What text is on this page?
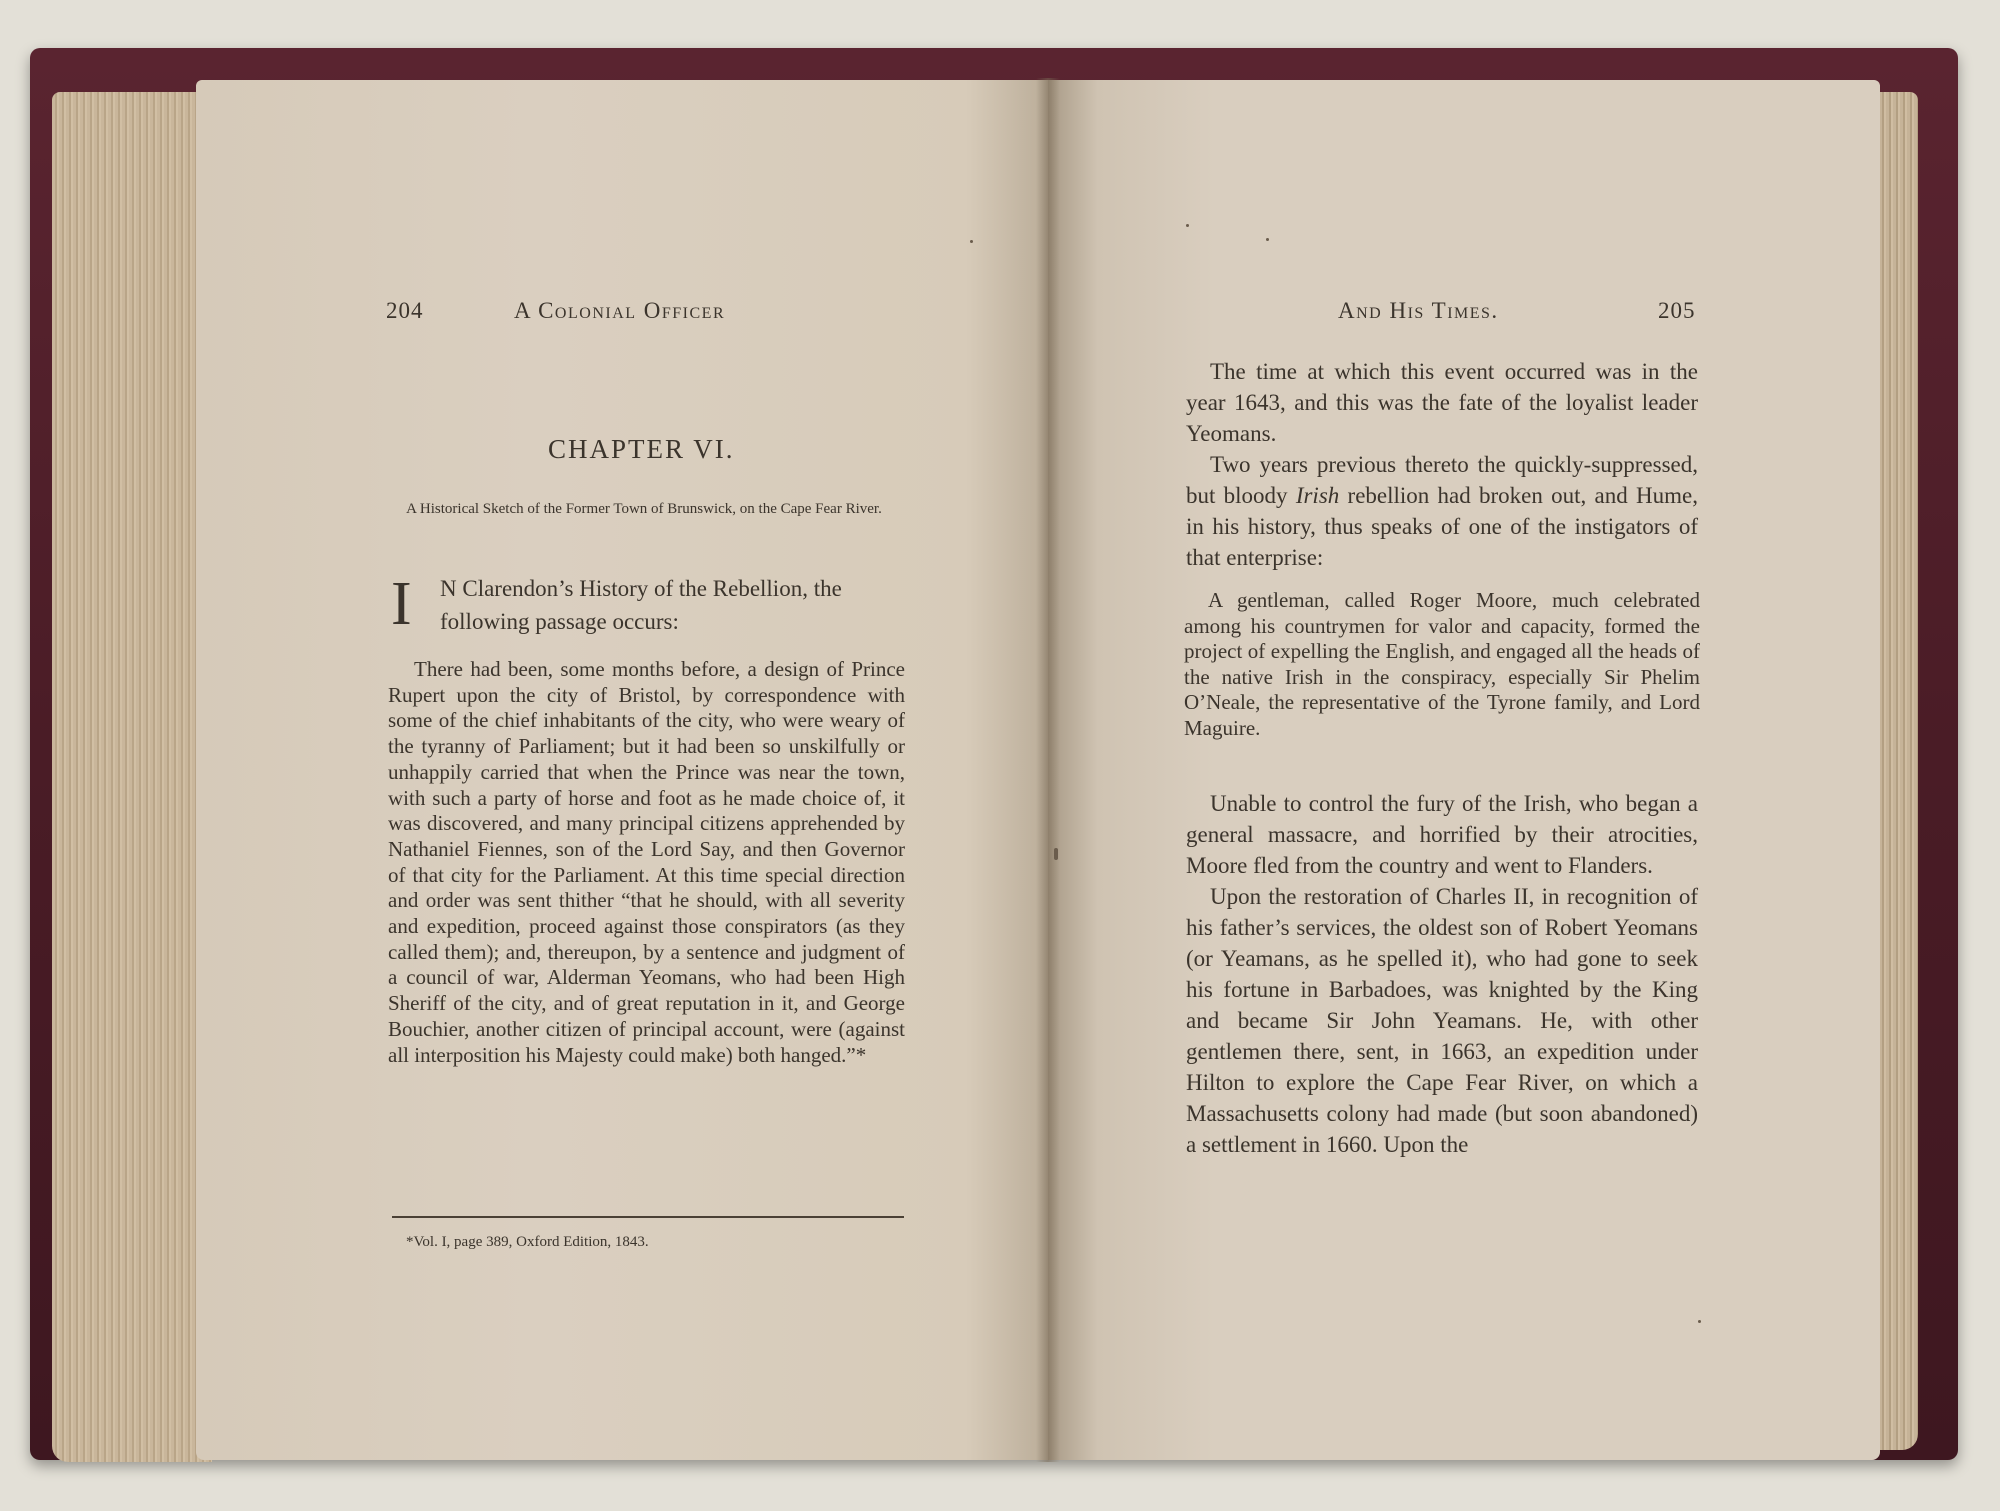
204	A Colonial Officer
CHAPTER VI.
A Historical Sketch of the Former Town of Brunswick, on the Cape Fear River.
I N Clarendon’s History of the Rebellion, the following passage occurs:
There had been, some months before, a design of Prince Rupert upon the city of Bristol, by correspondence with some of the chief inhabitants of the city, who were weary of the tyranny of Parliament; but it had been so unskilfully or unhappily carried that when the Prince was near the town, with such a party of horse and foot as he made choice of, it was discovered, and many principal citizens apprehended by Nathaniel Fiennes, son of the Lord Say, and then Governor of that city for the Parliament. At this time special direction and order was sent thither “that he should, with all severity and expedition, proceed against those conspirators (as they called them); and, thereupon, by a sentence and judgment of a council of war, Alderman Yeomans, who had been High Sheriff of the city, and of great reputation in it, and George Bouchier, another citizen of principal account, were (against all interposition his Majesty could make) both hanged.”*
*Vol. I, page 389, Oxford Edition, 1843.
And His Times.	205

The time at which this event occurred was in the year 1643, and this was the fate of the loyalist leader Yeomans.

Two years previous thereto the quickly-suppressed, but bloody Irish rebellion had broken out, and Hume, in his history, thus speaks of one of the instigators of that enterprise:

A gentleman, called Roger Moore, much celebrated among his countrymen for valor and capacity, formed the project of expelling the English, and engaged all the heads of the native Irish in the conspiracy, especially Sir Phelim O’Neale, the representative of the Tyrone family, and Lord Maguire.

Unable to control the fury of the Irish, who began a general massacre, and horrified by their atrocities, Moore fled from the country and went to Flanders.

Upon the restoration of Charles II, in recognition of his father’s services, the oldest son of Robert Yeomans (or Yeamans, as he spelled it), who had gone to seek his fortune in Barbadoes, was knighted by the King and became Sir John Yeamans. He, with other gentlemen there, sent, in 1663, an expedition under Hilton to explore the Cape Fear River, on which a Massachusetts colony had made (but soon abandoned) a settlement in 1660. Upon the
